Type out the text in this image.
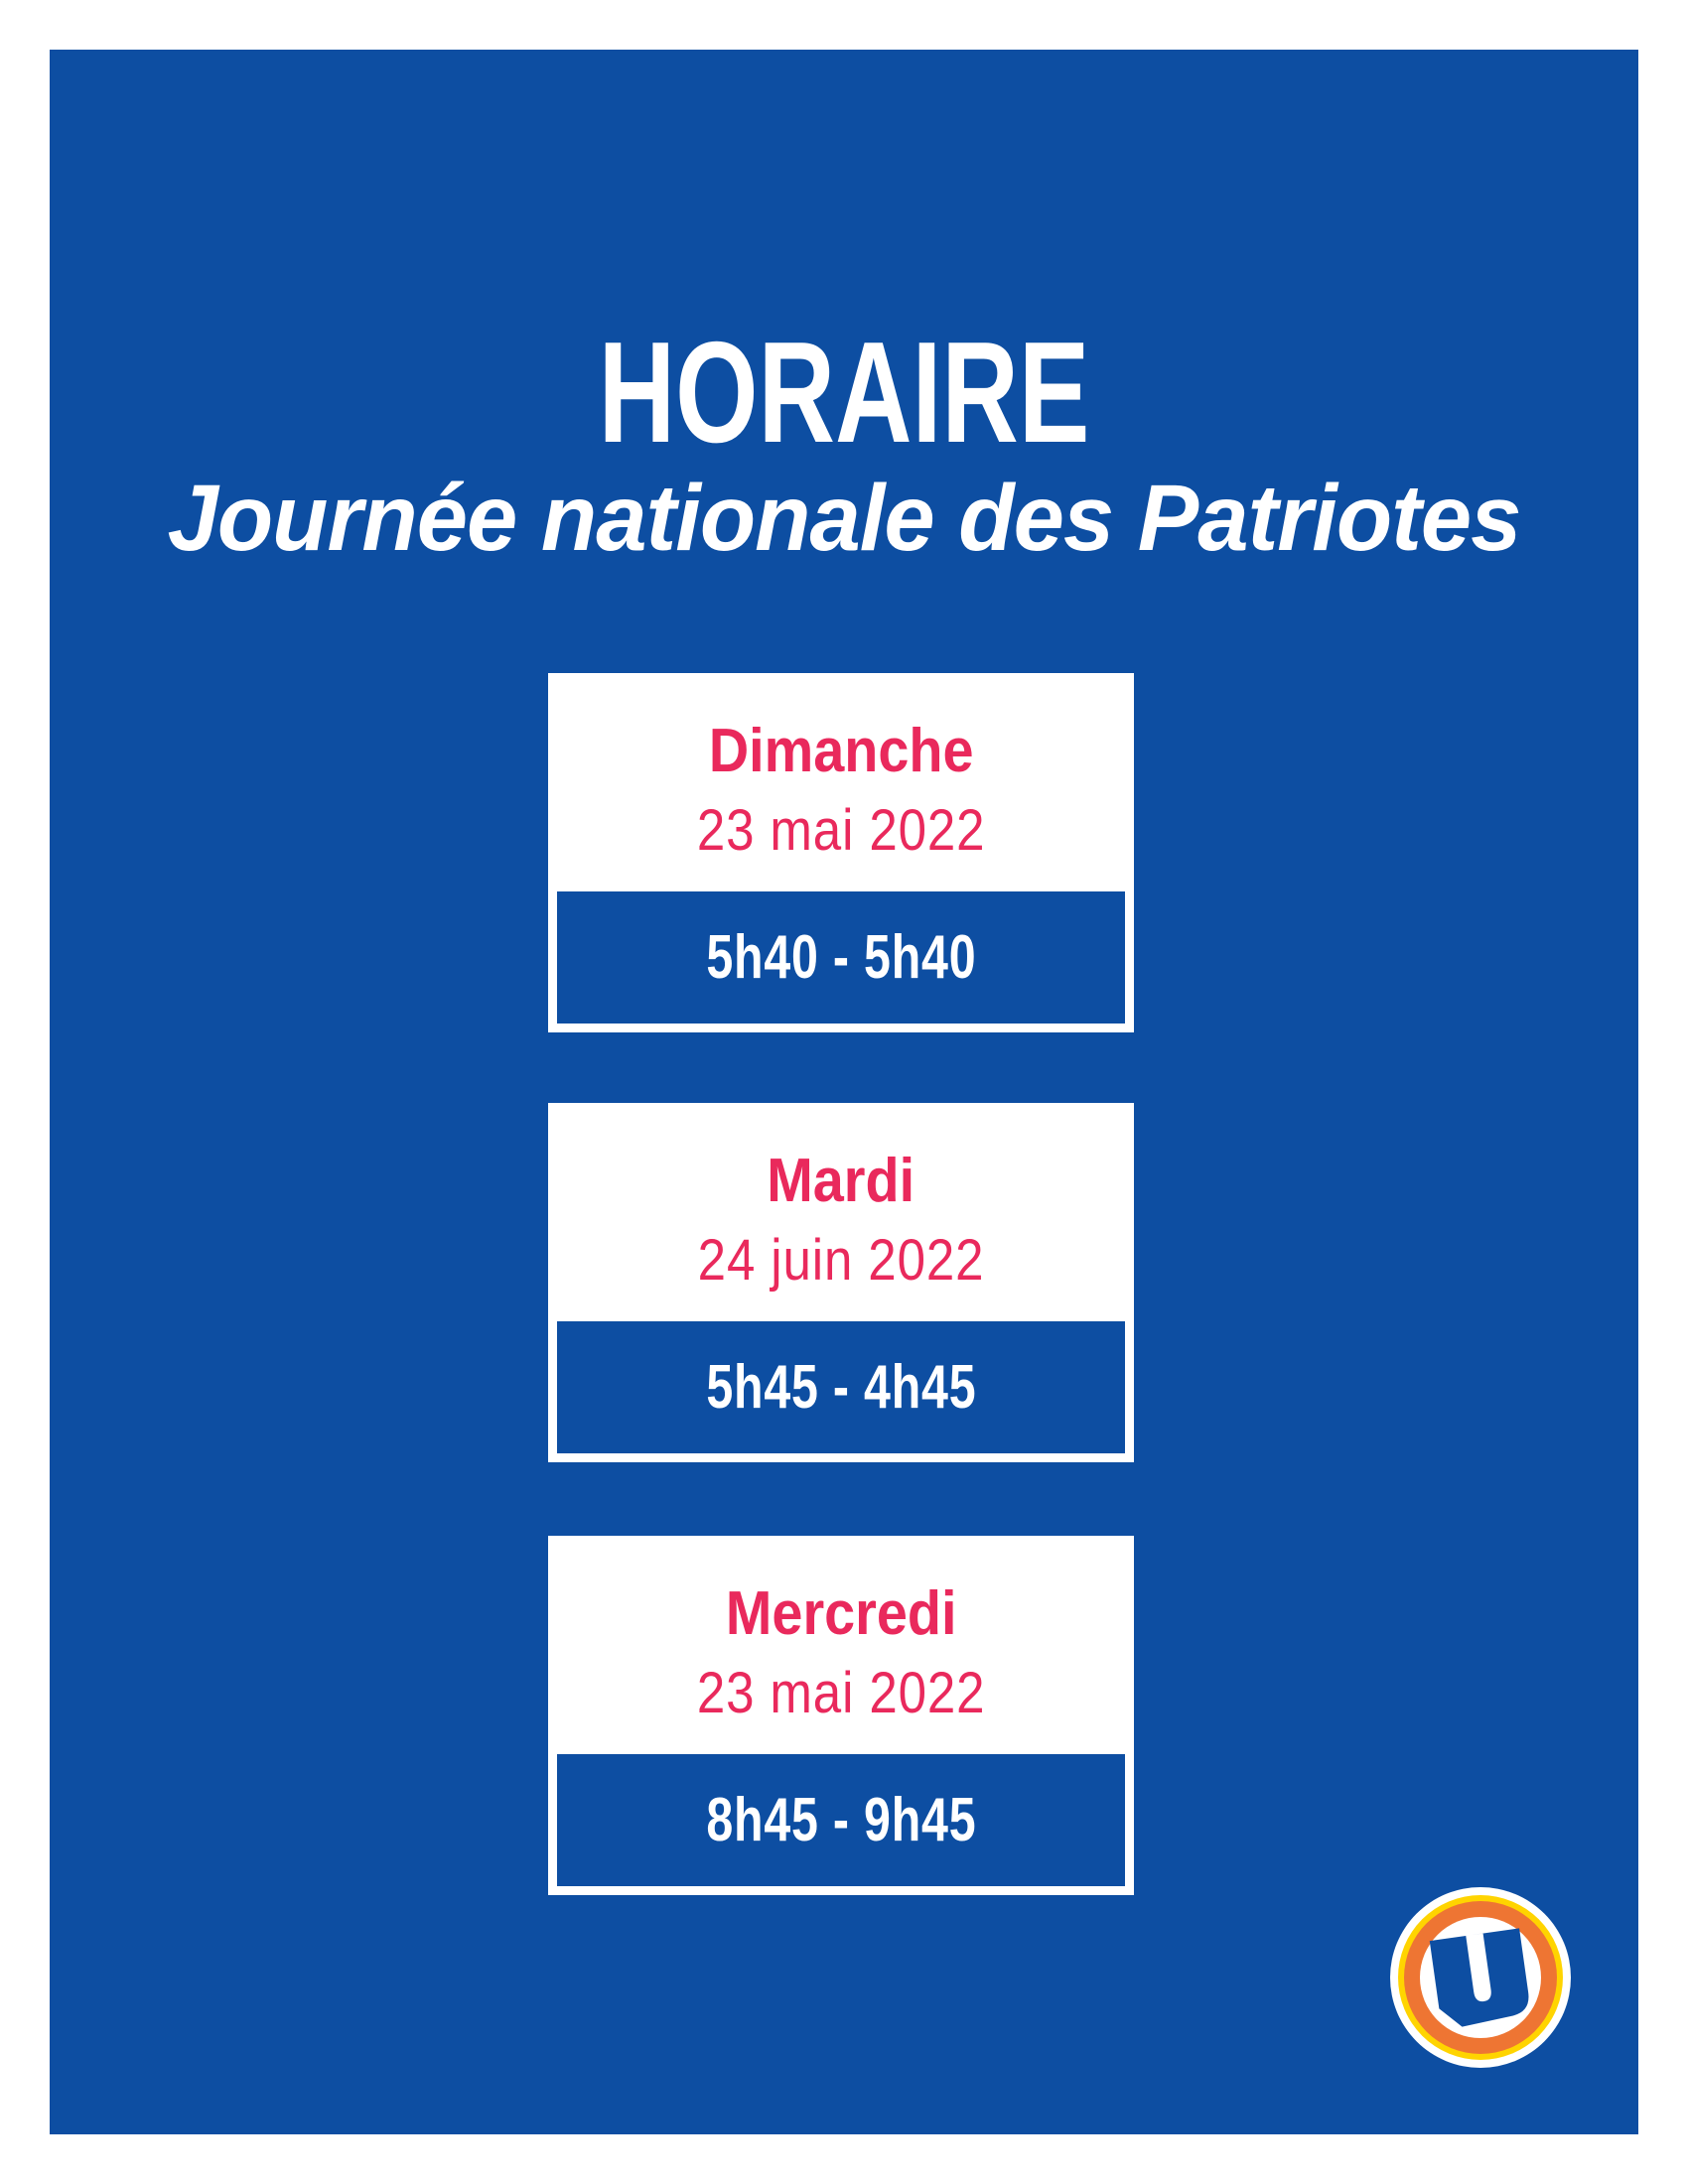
HORAIRE
Journée nationale des Patriotes
Dimanche
23 mai 2022
5h40 - 5h40
Mardi
24 juin 2022
5h45 - 4h45
Mercredi
23 mai 2022
8h45 - 9h45
